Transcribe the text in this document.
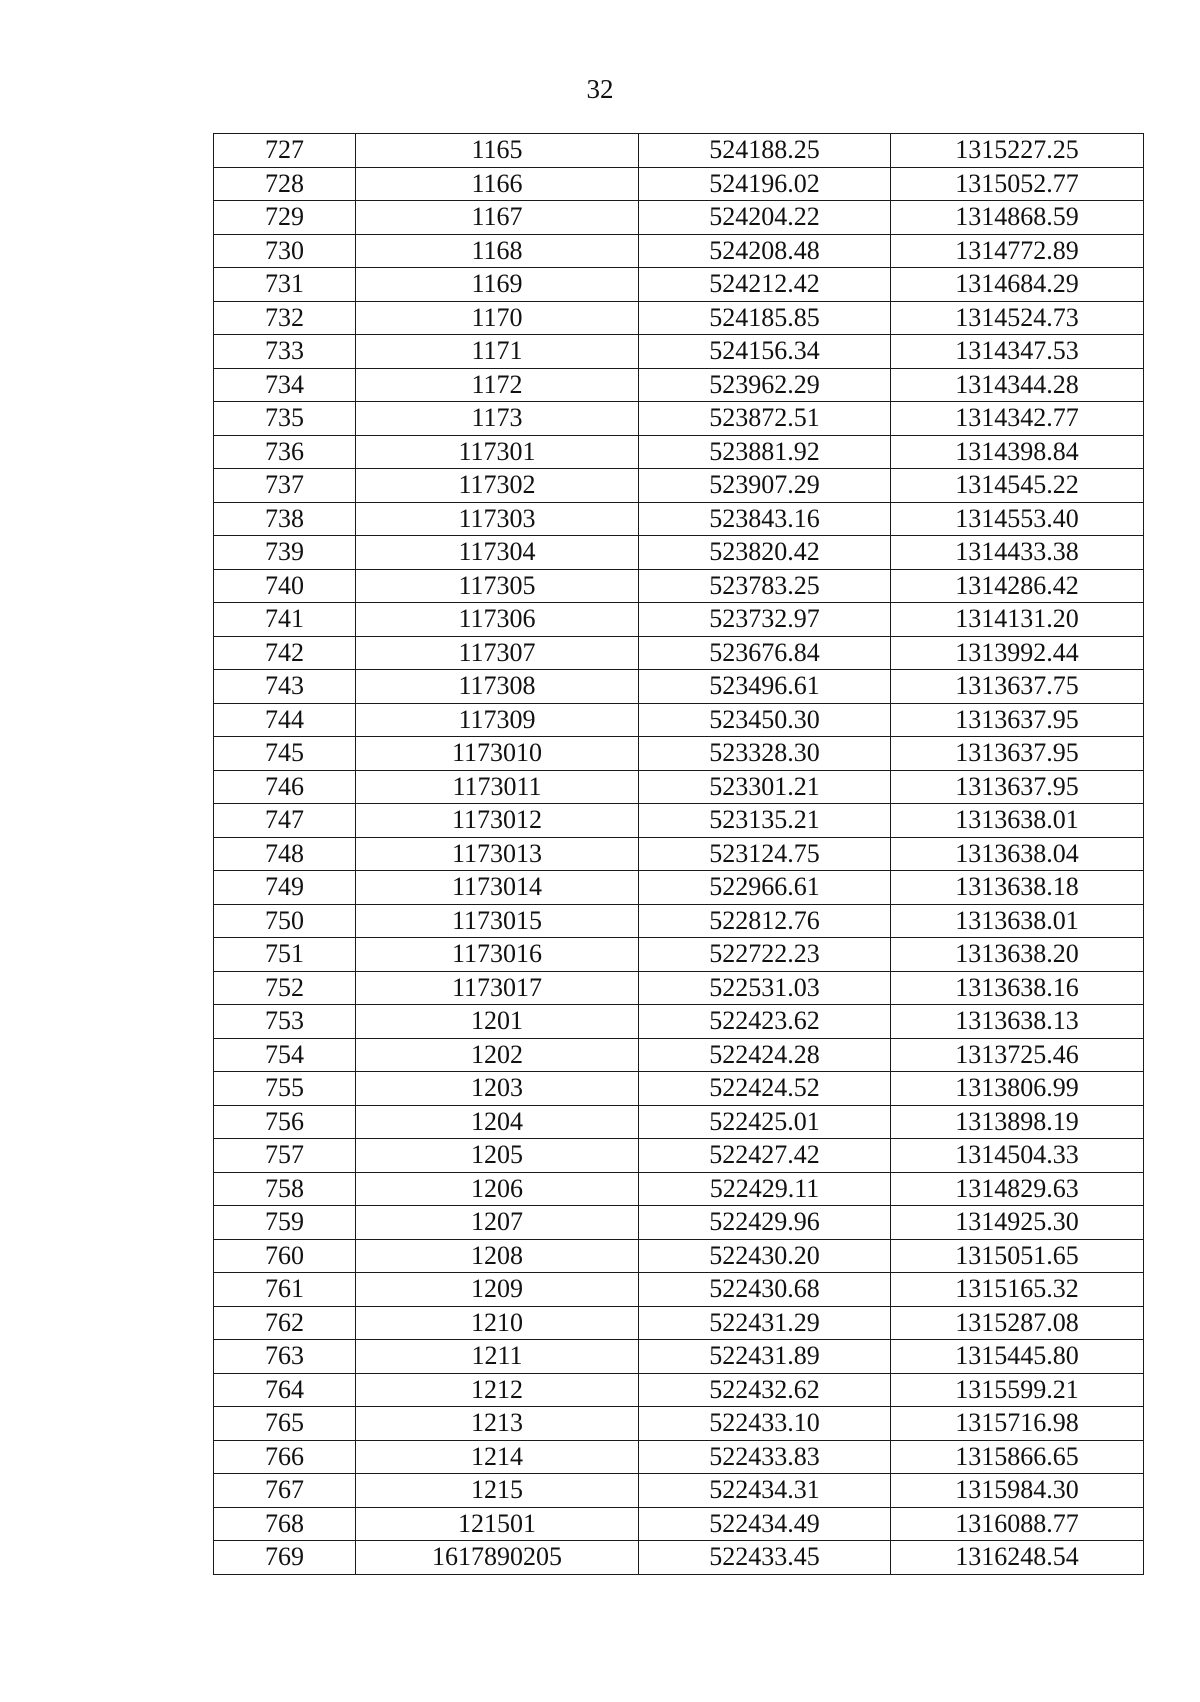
32
727	1165	524188.25	1315227.25
728	1166	524196.02	1315052.77
729	1167	524204.22	1314868.59
730	1168	524208.48	1314772.89
731	1169	524212.42	1314684.29
732	1170	524185.85	1314524.73
733	1171	524156.34	1314347.53
734	1172	523962.29	1314344.28
735	1173	523872.51	1314342.77
736	117301	523881.92	1314398.84
737	117302	523907.29	1314545.22
738	117303	523843.16	1314553.40
739	117304	523820.42	1314433.38
740	117305	523783.25	1314286.42
741	117306	523732.97	1314131.20
742	117307	523676.84	1313992.44
743	117308	523496.61	1313637.75
744	117309	523450.30	1313637.95
745	1173010	523328.30	1313637.95
746	1173011	523301.21	1313637.95
747	1173012	523135.21	1313638.01
748	1173013	523124.75	1313638.04
749	1173014	522966.61	1313638.18
750	1173015	522812.76	1313638.01
751	1173016	522722.23	1313638.20
752	1173017	522531.03	1313638.16
753	1201	522423.62	1313638.13
754	1202	522424.28	1313725.46
755	1203	522424.52	1313806.99
756	1204	522425.01	1313898.19
757	1205	522427.42	1314504.33
758	1206	522429.11	1314829.63
759	1207	522429.96	1314925.30
760	1208	522430.20	1315051.65
761	1209	522430.68	1315165.32
762	1210	522431.29	1315287.08
763	1211	522431.89	1315445.80
764	1212	522432.62	1315599.21
765	1213	522433.10	1315716.98
766	1214	522433.83	1315866.65
767	1215	522434.31	1315984.30
768	121501	522434.49	1316088.77
769	1617890205	522433.45	1316248.54
